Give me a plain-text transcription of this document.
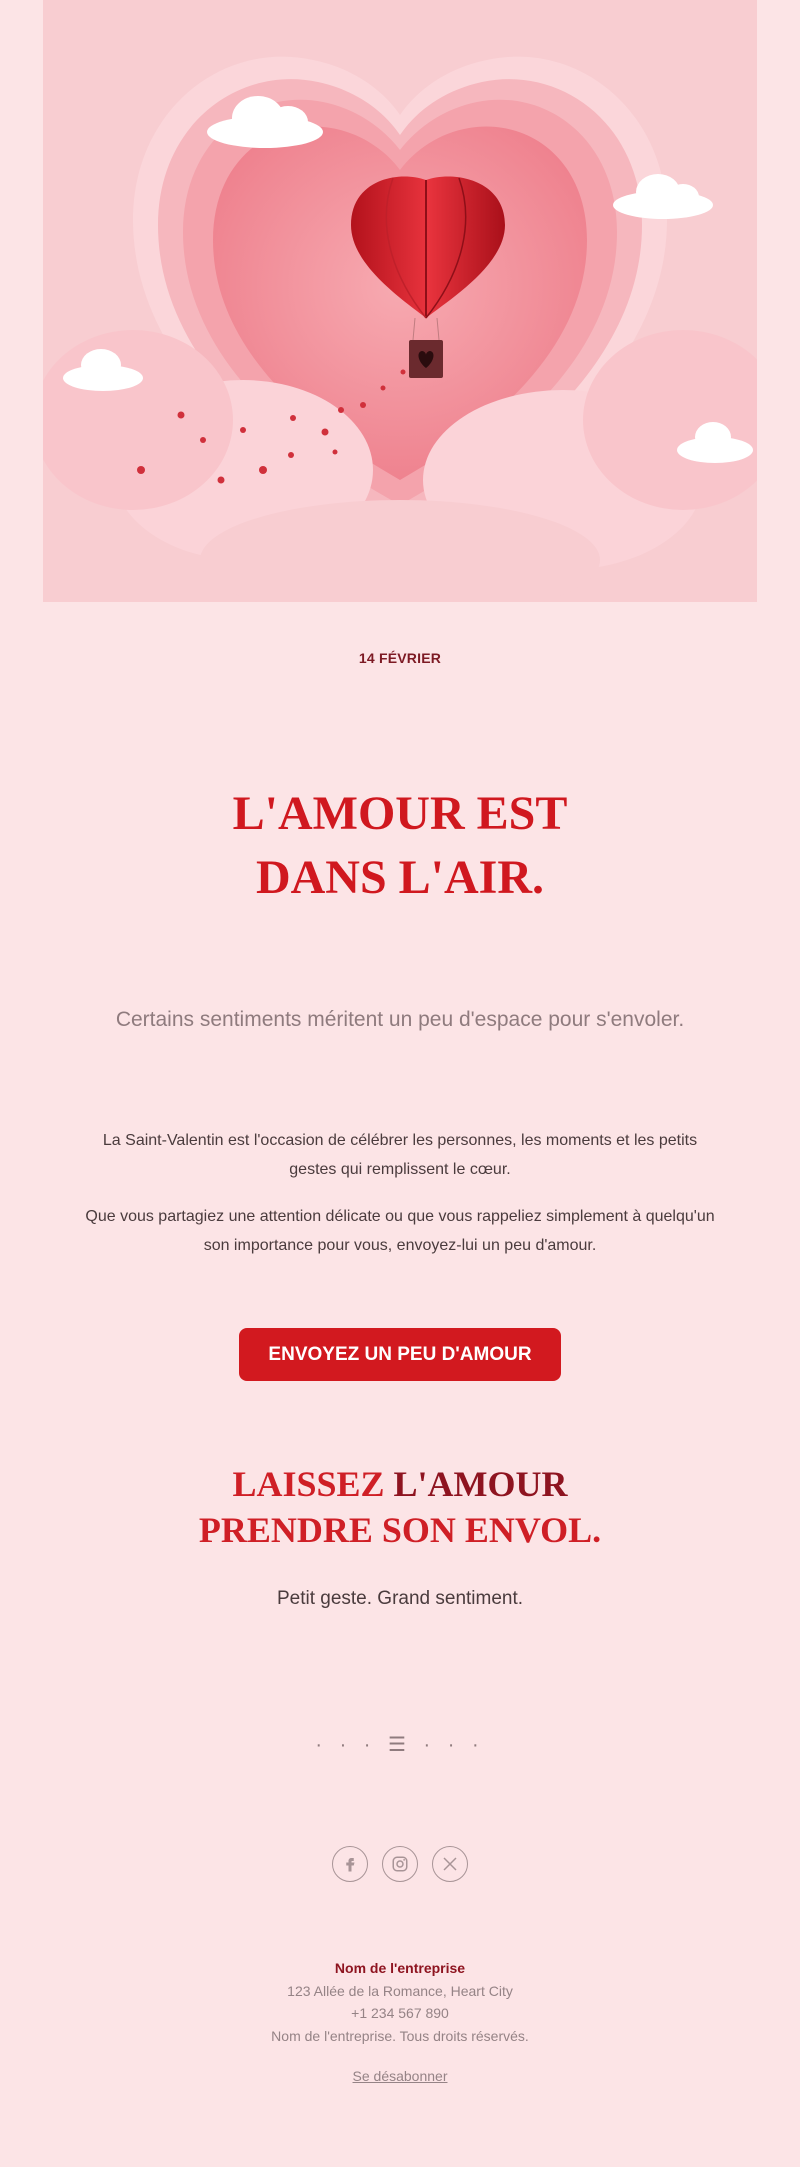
14 FÉVRIER
L'AMOUR EST
DANS L'AIR.
Certains sentiments méritent un peu d'espace pour s'envoler.
La Saint-Valentin est l'occasion de célébrer les personnes, les moments et les petits gestes qui remplissent le cœur.
Que vous partagiez une attention délicate ou que vous rappeliez simplement à quelqu'un son importance pour vous, envoyez-lui un peu d'amour.
ENVOYEZ UN PEU D'AMOUR
LAISSEZ L'AMOUR
PRENDRE SON ENVOL.
Petit geste. Grand sentiment.
· · · ☰ · · ·
Nom de l'entreprise
123 Allée de la Romance, Heart City
+1 234 567 890
Nom de l'entreprise. Tous droits réservés.
Se désabonner
